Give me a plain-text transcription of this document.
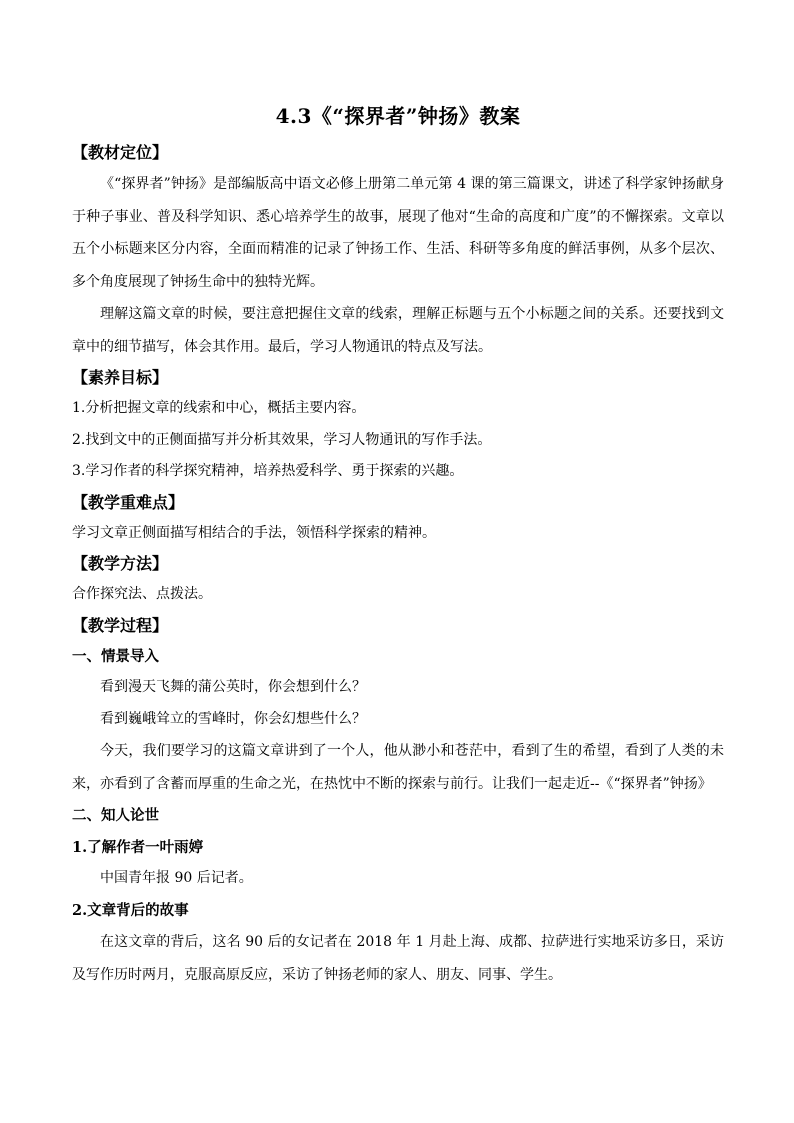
4.3《“探界者”钟扬》教案

【教材定位】

《“探界者”钟扬》是部编版高中语文必修上册第二单元第 4 课的第三篇课文，讲述了科学家钟扬献身于种子事业、普及科学知识、悉心培养学生的故事，展现了他对“生命的高度和广度”的不懈探索。文章以五个小标题来区分内容，全面而精准的记录了钟扬工作、生活、科研等多角度的鲜活事例，从多个层次、多个角度展现了钟扬生命中的独特光辉。

理解这篇文章的时候，要注意把握住文章的线索，理解正标题与五个小标题之间的关系。还要找到文章中的细节描写，体会其作用。最后，学习人物通讯的特点及写法。

【素养目标】

1.分析把握文章的线索和中心，概括主要内容。

2.找到文中的正侧面描写并分析其效果，学习人物通讯的写作手法。

3.学习作者的科学探究精神，培养热爱科学、勇于探索的兴趣。

【教学重难点】

学习文章正侧面描写相结合的手法，领悟科学探索的精神。

【教学方法】

合作探究法、点拨法。

【教学过程】

一、情景导入

看到漫天飞舞的蒲公英时，你会想到什么？

看到巍峨耸立的雪峰时，你会幻想些什么？

今天，我们要学习的这篇文章讲到了一个人，他从渺小和苍茫中，看到了生的希望，看到了人类的未来，亦看到了含蓄而厚重的生命之光，在热忱中不断的探索与前行。让我们一起走近--《“探界者”钟扬》

二、知人论世

1.了解作者一叶雨婷

中国青年报 90 后记者。

2.文章背后的故事

在这文章的背后，这名 90 后的女记者在 2018 年 1 月赴上海、成都、拉萨进行实地采访多日，采访及写作历时两月，克服高原反应，采访了钟扬老师的家人、朋友、同事、学生。
